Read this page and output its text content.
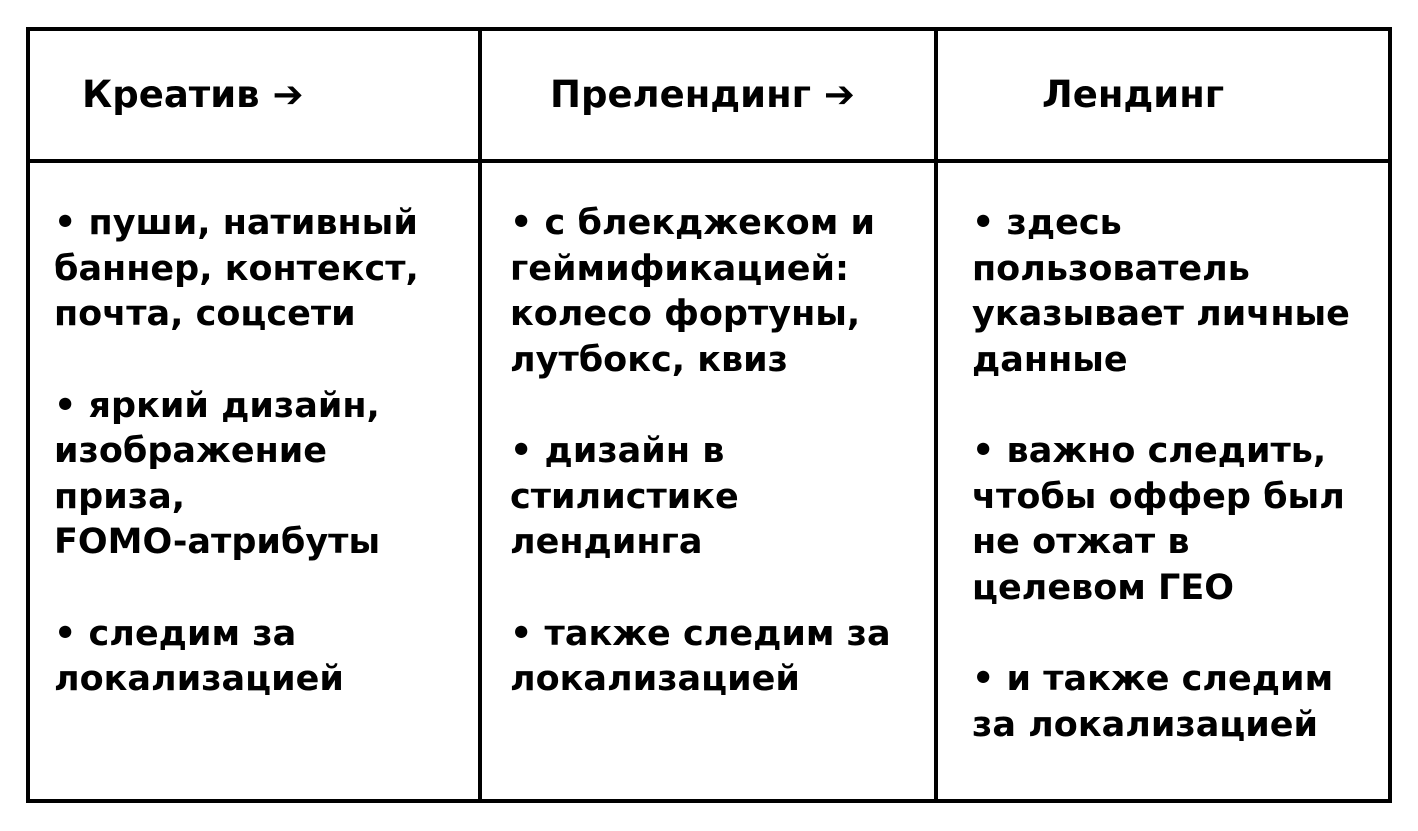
Креатив ➔	Прелендинг ➔	Лендинг
• пуши, нативный
баннер, контекст,
почта, соцсети
• яркий дизайн,
изображение
приза,
FOMO-атрибуты
• следим за
локализацией
• с блекджеком и
геймификацией:
колесо фортуны,
лутбокс, квиз
• дизайн в
стилистике
лендинга
• также следим за
локализацией
• здесь
пользователь
указывает личные
данные
• важно следить,
чтобы оффер был
не отжат в
целевом ГЕО
• и также следим
за локализацией
